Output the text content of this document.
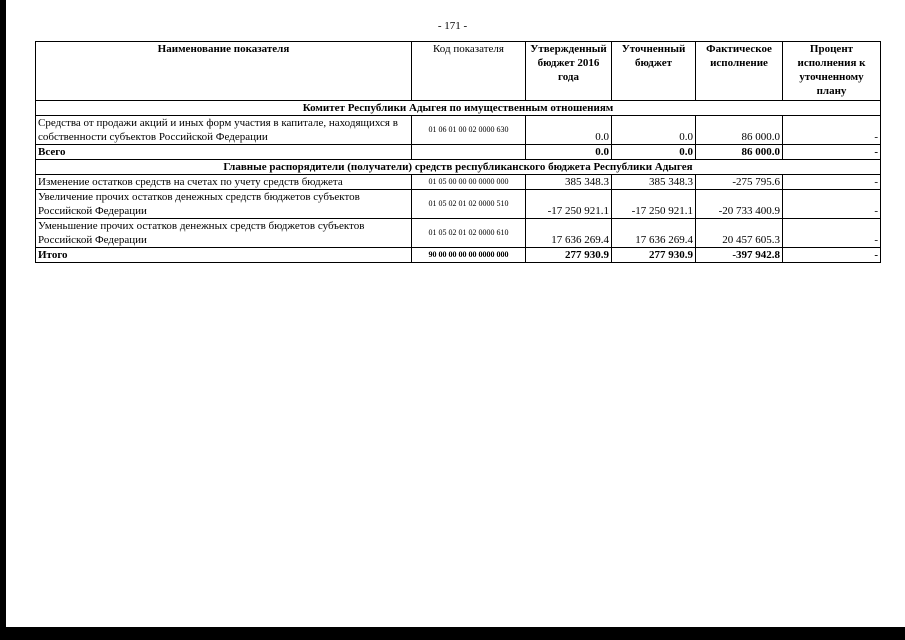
- 171 -
Наименование показателя	Код показателя	Утвержденный бюджет 2016 года	Уточненный бюджет	Фактическое исполнение	Процент исполнения к уточненному плану
Комитет Республики Адыгея по имущественным отношениям					
Средства от продажи акций и иных форм участия в капитале, находящихся в собственности субъектов Российской Федерации	01 06 01 00 02 0000 630	0.0	0.0	86 000.0	-
Всего		0.0	0.0	86 000.0	-
Главные распорядители (получатели) средств республиканского бюджета Республики Адыгея					
Изменение остатков средств на счетах по учету средств бюджета	01 05 00 00 00 0000 000	385 348.3	385 348.3	-275 795.6	-
Увеличение прочих остатков денежных средств бюджетов субъектов Российской Федерации	01 05 02 01 02 0000 510	-17 250 921.1	-17 250 921.1	-20 733 400.9	-
Уменьшение прочих остатков денежных средств бюджетов субъектов Российской Федерации	01 05 02 01 02 0000 610	17 636 269.4	17 636 269.4	20 457 605.3	-
Итого	90 00 00 00 00 0000 000	277 930.9	277 930.9	-397 942.8	-
